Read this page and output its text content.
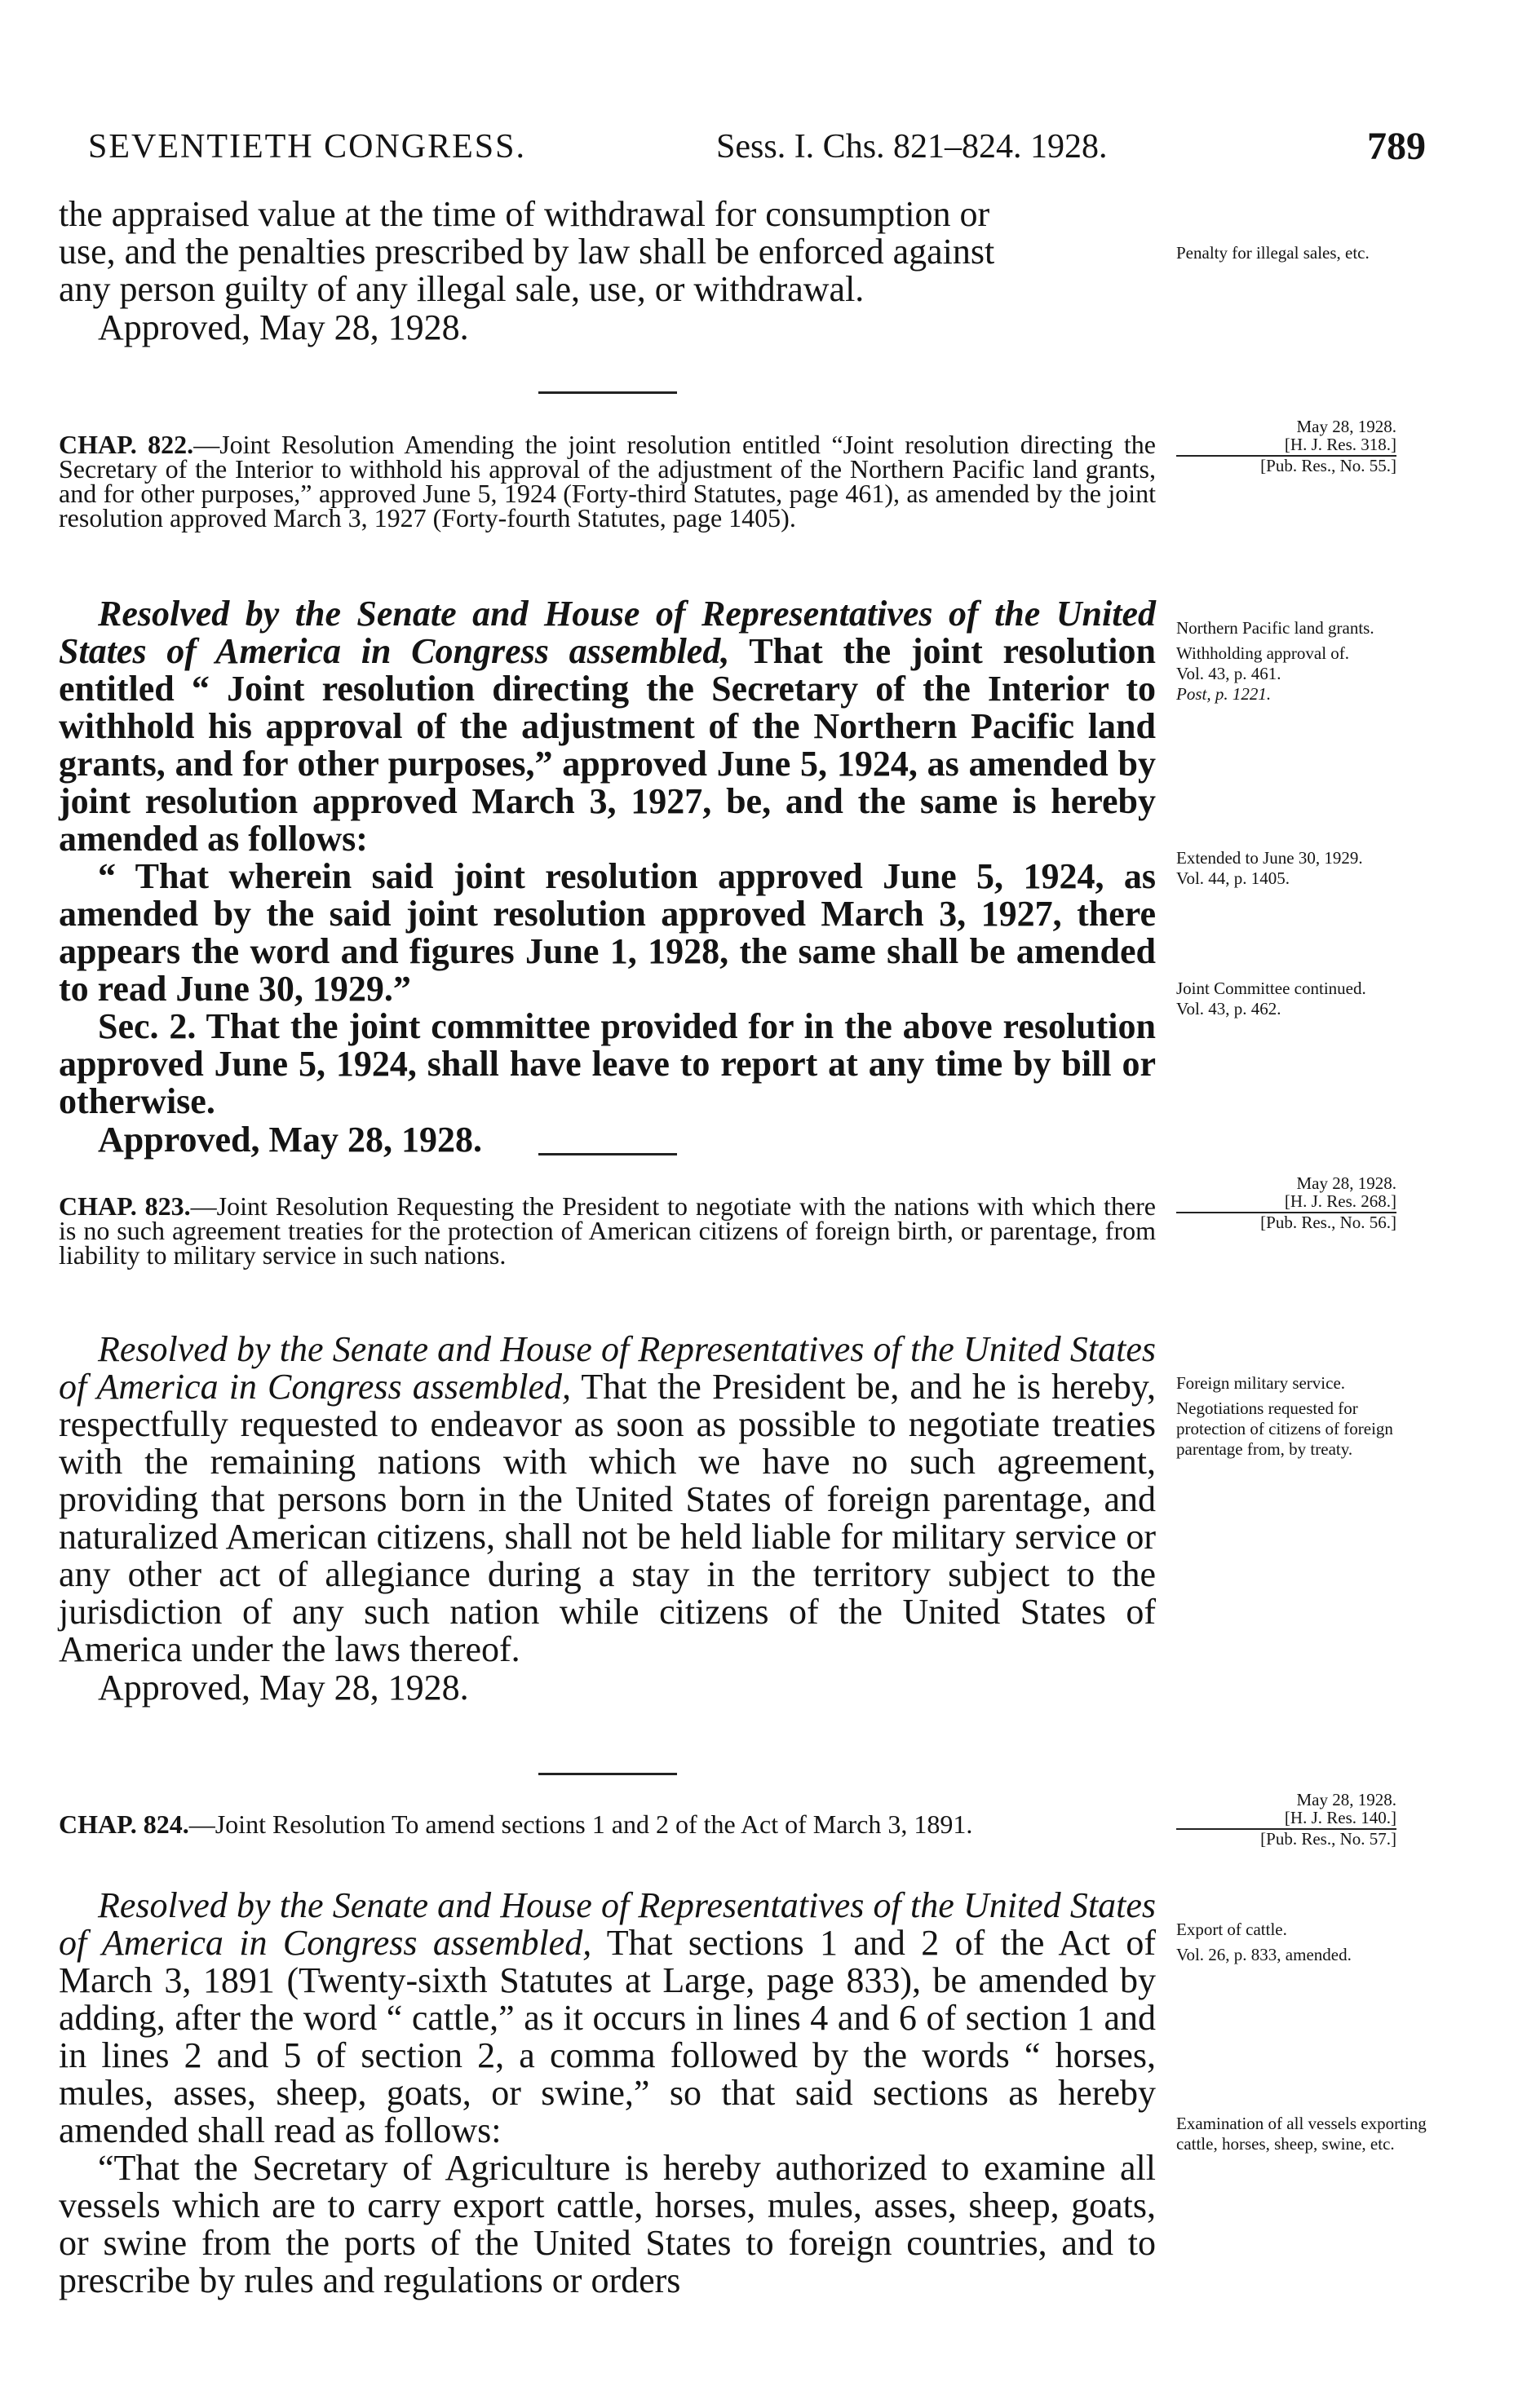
SEVENTIETH CONGRESS.	Sess. I. Chs. 821–824. 1928.	789

the appraised value at the time of withdrawal for consumption or

use, and the penalties prescribed by law shall be enforced against

any person guilty of any illegal sale, use, or withdrawal.

Approved, May 28, 1928.

Penalty for illegal sales, etc.

May 28, 1928.

[H. J. Res. 318.]
[Pub. Res., No. 55.]

CHAP. 822.—Joint Resolution Amending the joint resolution entitled “Joint resolution directing the Secretary of the Interior to withhold his approval of the adjustment of the Northern Pacific land grants, and for other purposes,” approved June 5, 1924 (Forty-third Statutes, page 461), as amended by the joint resolution approved March 3, 1927 (Forty-fourth Statutes, page 1405).

Resolved by the Senate and House of Representatives of the United States of America in Congress assembled, That the joint resolution entitled “ Joint resolution directing the Secretary of the Interior to withhold his approval of the adjustment of the Northern Pacific land grants, and for other purposes,” approved June 5, 1924, as amended by joint resolution approved March 3, 1927, be, and the same is hereby amended as follows:

“ That wherein said joint resolution approved June 5, 1924, as amended by the said joint resolution approved March 3, 1927, there appears the word and figures June 1, 1928, the same shall be amended to read June 30, 1929.”

Sec. 2. That the joint committee provided for in the above resolution approved June 5, 1924, shall have leave to report at any time by bill or otherwise.

Approved, May 28, 1928.

Northern Pacific land grants.

Withholding approval of.

Vol. 43, p. 461.

Post, p. 1221.

Extended to June 30, 1929.

Vol. 44, p. 1405.

Joint Committee continued.

Vol. 43, p. 462.

May 28, 1928.

[H. J. Res. 268.]
[Pub. Res., No. 56.]

CHAP. 823.—Joint Resolution Requesting the President to negotiate with the nations with which there is no such agreement treaties for the protection of American citizens of foreign birth, or parentage, from liability to military service in such nations.

Resolved by the Senate and House of Representatives of the United States of America in Congress assembled, That the President be, and he is hereby, respectfully requested to endeavor as soon as possible to negotiate treaties with the remaining nations with which we have no such agreement, providing that persons born in the United States of foreign parentage, and naturalized American citizens, shall not be held liable for military service or any other act of allegiance during a stay in the territory subject to the jurisdiction of any such nation while citizens of the United States of America under the laws thereof.

Approved, May 28, 1928.

Foreign military service.

Negotiations requested for protection of citizens of foreign parentage from, by treaty.

May 28, 1928.

[H. J. Res. 140.]
[Pub. Res., No. 57.]

CHAP. 824.—Joint Resolution To amend sections 1 and 2 of the Act of March 3, 1891.

Resolved by the Senate and House of Representatives of the United States of America in Congress assembled, That sections 1 and 2 of the Act of March 3, 1891 (Twenty-sixth Statutes at Large, page 833), be amended by adding, after the word “ cattle,” as it occurs in lines 4 and 6 of section 1 and in lines 2 and 5 of section 2, a comma followed by the words “ horses, mules, asses, sheep, goats, or swine,” so that said sections as hereby amended shall read as follows:

“That the Secretary of Agriculture is hereby authorized to examine all vessels which are to carry export cattle, horses, mules, asses, sheep, goats, or swine from the ports of the United States to foreign countries, and to prescribe by rules and regulations or orders

Export of cattle.

Vol. 26, p. 833, amended.

Examination of all vessels exporting cattle, horses, sheep, swine, etc.
